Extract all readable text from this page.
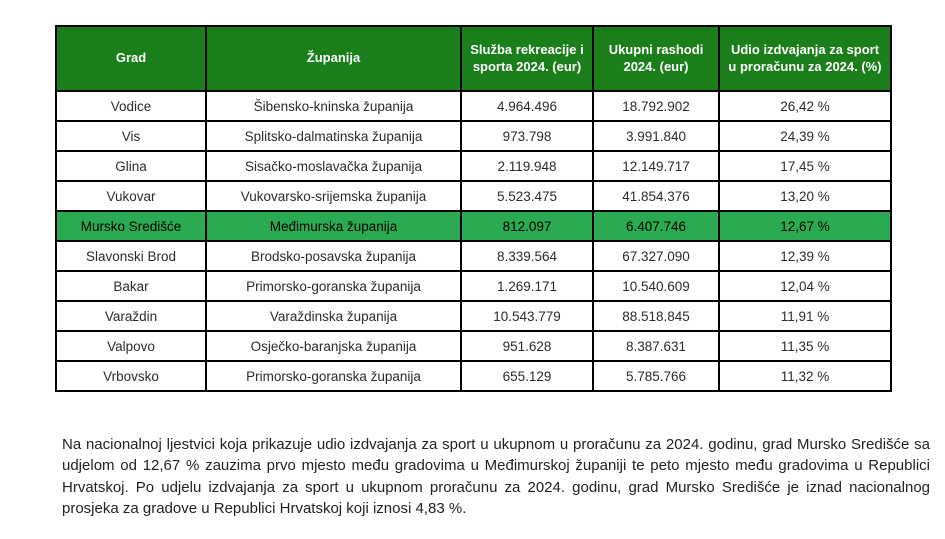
Grad	Županija	Služba rekreacije i sporta 2024. (eur)	Ukupni rashodi 2024. (eur)	Udio izdvajanja za sport u proračunu za 2024. (%)
Vodice	Šibensko-kninska županija	4.964.496	18.792.902	26,42 %
Vis	Splitsko-dalmatinska županija	973.798	3.991.840	24,39 %
Glina	Sisačko-moslavačka županija	2.119.948	12.149.717	17,45 %
Vukovar	Vukovarsko-srijemska županija	5.523.475	41.854.376	13,20 %
Mursko Središće	Međimurska županija	812.097	6.407.746	12,67 %
Slavonski Brod	Brodsko-posavska županija	8.339.564	67.327.090	12,39 %
Bakar	Primorsko-goranska županija	1.269.171	10.540.609	12,04 %
Varaždin	Varaždinska županija	10.543.779	88.518.845	11,91 %
Valpovo	Osječko-baranjska županija	951.628	8.387.631	11,35 %
Vrbovsko	Primorsko-goranska županija	655.129	5.785.766	11,32 %

Na nacionalnoj ljestvici koja prikazuje udio izdvajanja za sport u ukupnom u proračunu za 2024. godinu, grad Mursko Središće sa udjelom od 12,67 % zauzima prvo mjesto među gradovima u Međimurskoj županiji te peto mjesto među gradovima u Republici Hrvatskoj. Po udjelu izdvajanja za sport u ukupnom proračunu za 2024. godinu, grad Mursko Središće je iznad nacionalnog prosjeka za gradove u Republici Hrvatskoj koji iznosi 4,83 %.
